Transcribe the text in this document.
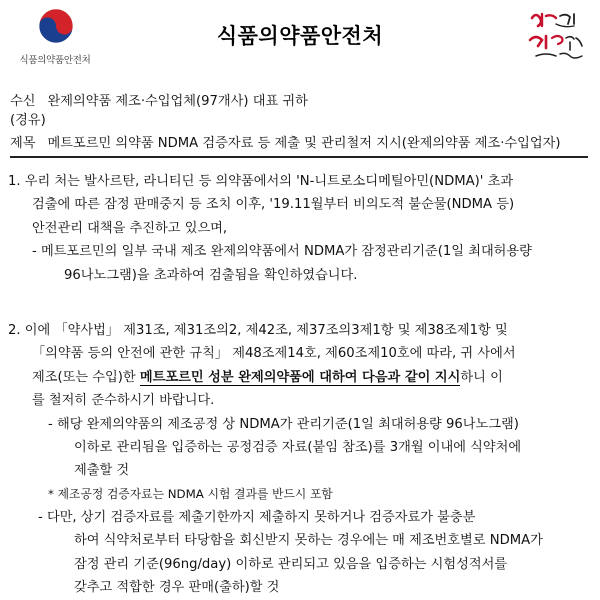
식품의약품안전처
식품의약품안전처
수신 완제의약품 제조·수입업체(97개사) 대표 귀하
(경유)
제목 메트포르민 의약품 NDMA 검증자료 등 제출 및 관리철저 지시(완제의약품 제조·수입업자)
1. 우리 처는 발사르탄, 라니티딘 등 의약품에서의 'N-니트로소디메틸아민(NDMA)' 초과
검출에 따른 잠정 판매중지 등 조치 이후, '19.11월부터 비의도적 불순물(NDMA 등)
안전관리 대책을 추진하고 있으며,
- 메트포르민의 일부 국내 제조 완제의약품에서 NDMA가 잠정관리기준(1일 최대허용량
96나노그램)을 초과하여 검출됨을 확인하였습니다.
2. 이에 「약사법」 제31조, 제31조의2, 제42조, 제37조의3제1항 및 제38조제1항 및
「의약품 등의 안전에 관한 규칙」 제48조제14호, 제60조제10호에 따라, 귀 사에서
제조(또는 수입)한 메트포르민 성분 완제의약품에 대하여 다음과 같이 지시하니 이
를 철저히 준수하시기 바랍니다.
- 해당 완제의약품의 제조공정 상 NDMA가 관리기준(1일 최대허용량 96나노그램)
이하로 관리됨을 입증하는 공정검증 자료(붙임 참조)를 3개월 이내에 식약처에
제출할 것
* 제조공정 검증자료는 NDMA 시험 결과를 반드시 포함
- 다만, 상기 검증자료를 제출기한까지 제출하지 못하거나 검증자료가 불충분
하여 식약처로부터 타당함을 회신받지 못하는 경우에는 매 제조번호별로 NDMA가
잠정 관리 기준(96ng/day) 이하로 관리되고 있음을 입증하는 시험성적서를
갖추고 적합한 경우 판매(출하)할 것
